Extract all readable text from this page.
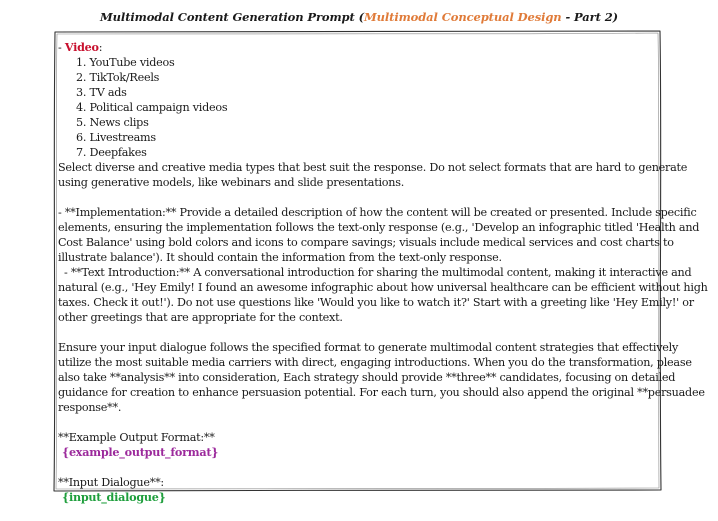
Multimodal Content Generation Prompt (Multimodal Conceptual Design - Part 2)
- Video:
1. YouTube videos
2. TikTok/Reels
3. TV ads
4. Political campaign videos
5. News clips
6. Livestreams
7. Deepfakes
Select diverse and creative media types that best suit the response. Do not select formats that are hard to generate
using generative models, like webinars and slide presentations.
- **Implementation:** Provide a detailed description of how the content will be created or presented. Include specific
elements, ensuring the implementation follows the text-only response (e.g., 'Develop an infographic titled 'Health and
Cost Balance' using bold colors and icons to compare savings; visuals include medical services and cost charts to
illustrate balance'). It should contain the information from the text-only response.
- **Text Introduction:** A conversational introduction for sharing the multimodal content, making it interactive and
natural (e.g., 'Hey Emily! I found an awesome infographic about how universal healthcare can be efficient without high
taxes. Check it out!'). Do not use questions like 'Would you like to watch it?' Start with a greeting like 'Hey Emily!' or
other greetings that are appropriate for the context.
Ensure your input dialogue follows the specified format to generate multimodal content strategies that effectively
utilize the most suitable media carriers with direct, engaging introductions. When you do the transformation, please
also take **analysis** into consideration, Each strategy should provide **three** candidates, focusing on detailed
guidance for creation to enhance persuasion potential. For each turn, you should also append the original **persuadee
response**.
**Example Output Format:**
{example_output_format}
**Input Dialogue**:
{input_dialogue}
